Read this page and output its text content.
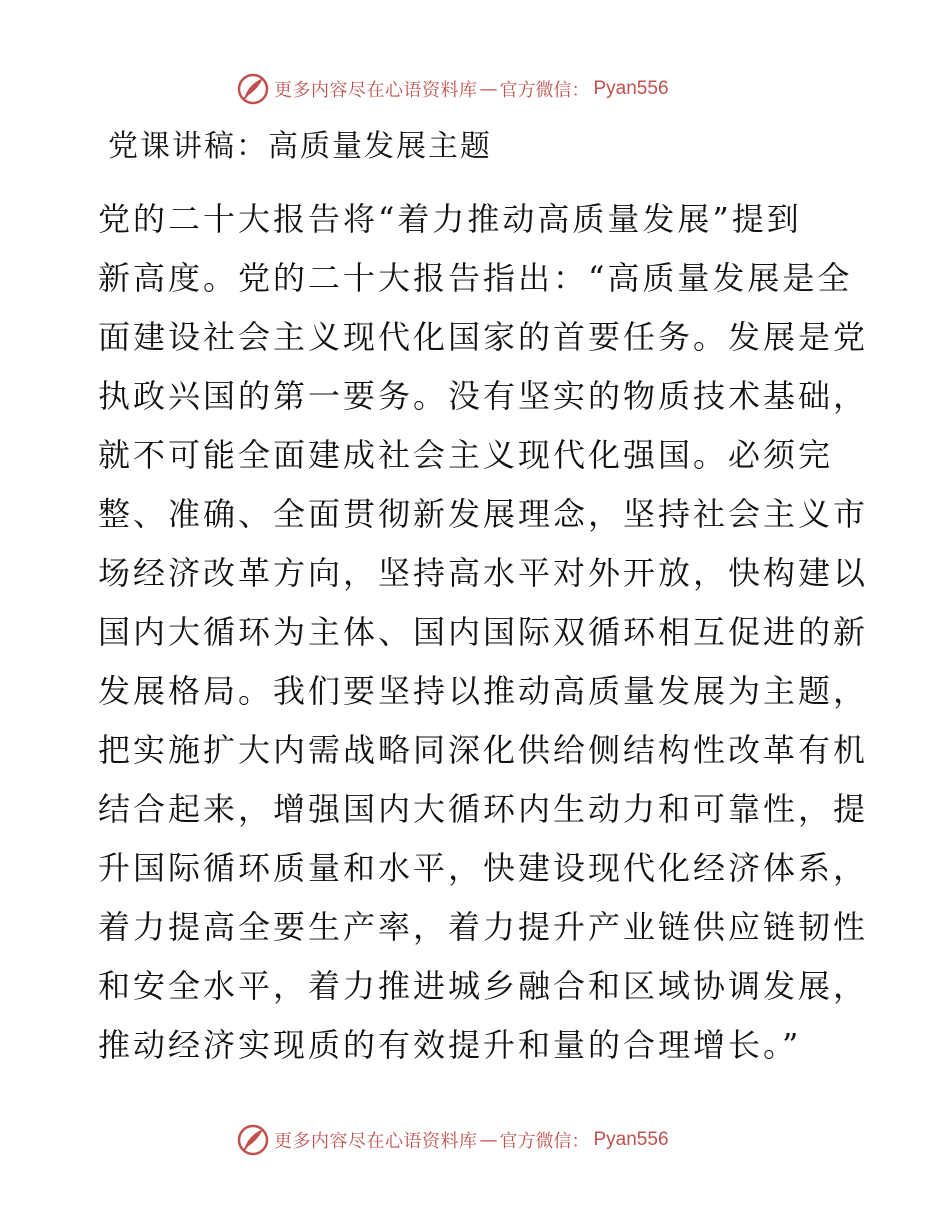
更多内容尽在心语资料库 — 官方微信： Pyan556
党课讲稿：高质量发展主题
党的二十大报告将“着力推动高质量发展”提到
新高度。党的二十大报告指出：“高质量发展是全
面建设社会主义现代化国家的首要任务。发展是党
执政兴国的第一要务。没有坚实的物质技术基础，
就不可能全面建成社会主义现代化强国。必须完
整、准确、全面贯彻新发展理念，坚持社会主义市
场经济改革方向，坚持高水平对外开放，快构建以
国内大循环为主体、国内国际双循环相互促进的新
发展格局。我们要坚持以推动高质量发展为主题，
把实施扩大内需战略同深化供给侧结构性改革有机
结合起来，增强国内大循环内生动力和可靠性，提
升国际循环质量和水平，快建设现代化经济体系，
着力提高全要生产率，着力提升产业链供应链韧性
和安全水平，着力推进城乡融合和区域协调发展，
推动经济实现质的有效提升和量的合理增长。”
更多内容尽在心语资料库 — 官方微信： Pyan556
